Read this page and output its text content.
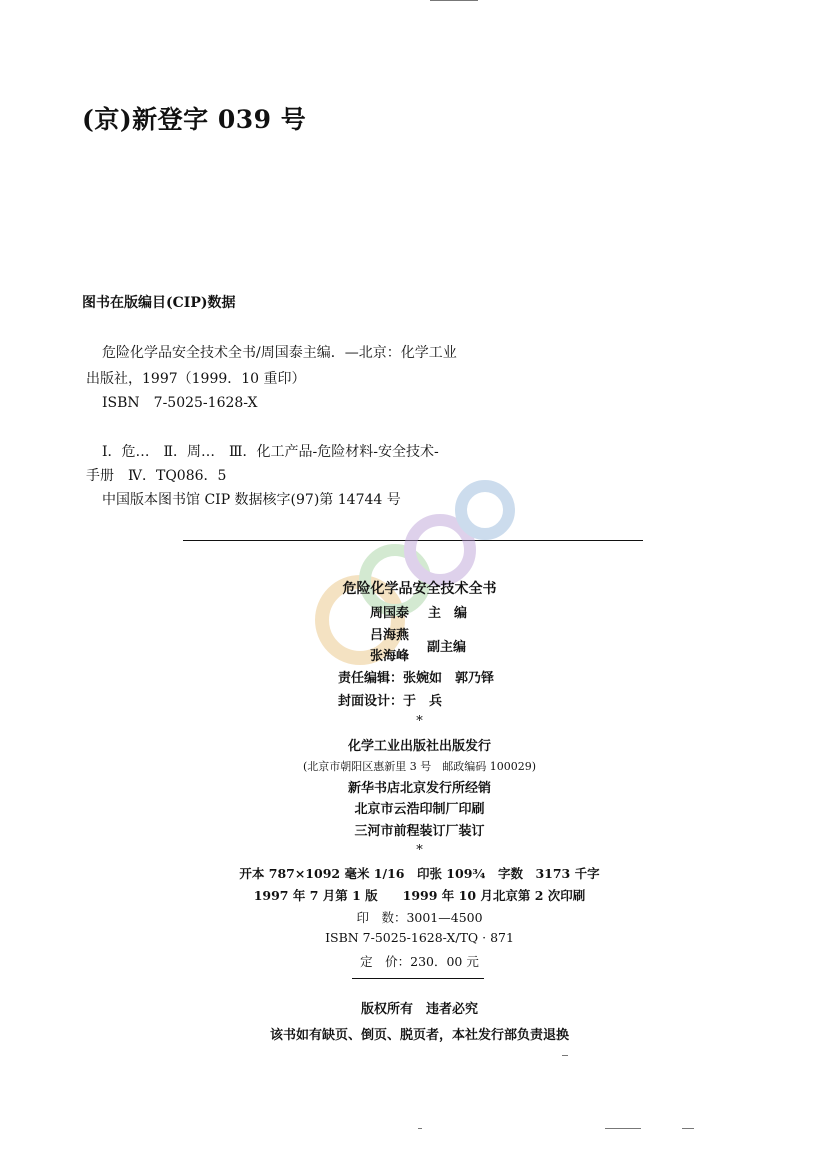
(京)新登字 039 号
图书在版编目(CIP)数据
危险化学品安全技术全书/周国泰主编．—北京：化学工业
出版社，1997（1999．10 重印）
ISBN　7-5025-1628-X
Ⅰ．危…　Ⅱ．周…　Ⅲ．化工产品-危险材料-安全技术-
手册　Ⅳ．TQ086．5
中国版本图书馆 CIP 数据核字(97)第 14744 号
危险化学品安全技术全书
周国泰 主　编
吕海燕
张海峰
副主编
责任编辑：张婉如　郭乃铎
封面设计：于　兵
*
化学工业出版社出版发行
(北京市朝阳区惠新里 3 号　邮政编码 100029)
新华书店北京发行所经销
北京市云浩印制厂印刷
三河市前程装订厂装订
*
开本 787×1092 毫米 1/16　印张 109¾　字数　3173 千字
1997 年 7 月第 1 版　　1999 年 10 月北京第 2 次印刷
印　数：3001—4500
ISBN 7-5025-1628-X/TQ · 871
定　价：230．00 元
版权所有　违者必究
该书如有缺页、倒页、脱页者，本社发行部负责退换
